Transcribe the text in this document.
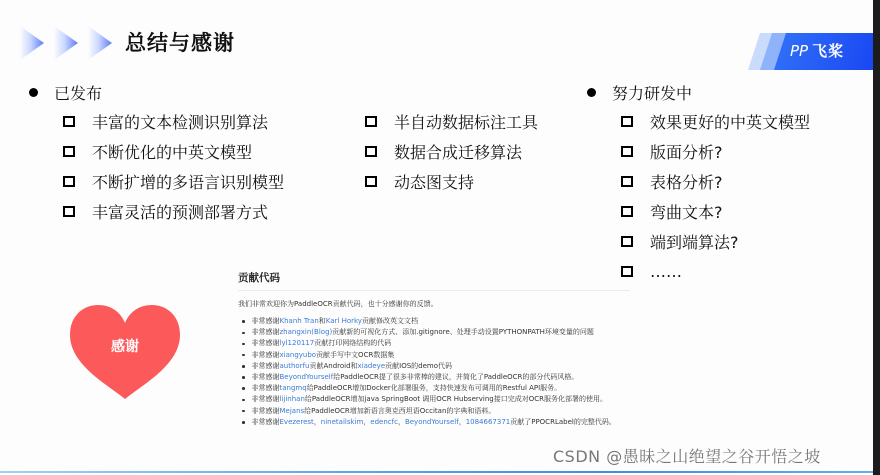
总结与感谢	PP 飞桨
已发布
丰富的文本检测识别算法
不断优化的中英文模型
不断扩增的多语言识别模型
丰富灵活的预测部署方式
半自动数据标注工具
数据合成迁移算法
动态图支持
努力研发中
效果更好的中英文模型
版面分析?
表格分析?
弯曲文本?
端到端算法?
……
感谢
贡献代码
我们非常欢迎你为PaddleOCR贡献代码，也十分感谢你的反馈。
非常感谢 Khanh Tran 和 Karl Horky 贡献修改英文文档
非常感谢 zhangxin(Blog) 贡献新的可视化方式、添加.gitignore、处理手动设置PYTHONPATH环境变量的问题
非常感谢 lyl120117 贡献打印网络结构的代码
非常感谢 xiangyubo 贡献手写中文OCR数据集
非常感谢 authorfu 贡献Android和 xiadeye 贡献IOS的demo代码
非常感谢 BeyondYourself 给PaddleOCR提了很多非常棒的建议，并简化了PaddleOCR的部分代码风格。
非常感谢 tangmq 给PaddleOCR增加Docker化部署服务，支持快速发布可调用的Restful API服务。
非常感谢 lijinhan 给PaddleOCR增加java SpringBoot 调用OCR Hubserving接口完成对OCR服务化部署的使用。
非常感谢 Mejans 给PaddleOCR增加新语言奥克西坦语Occitan的字典和语料。
非常感谢 Evezerest ， ninetailskim ， edencfc ， BeyondYourself ， 1084667371 贡献了PPOCRLabel的完整代码。
CSDN @愚昧之山绝望之谷开悟之坡
